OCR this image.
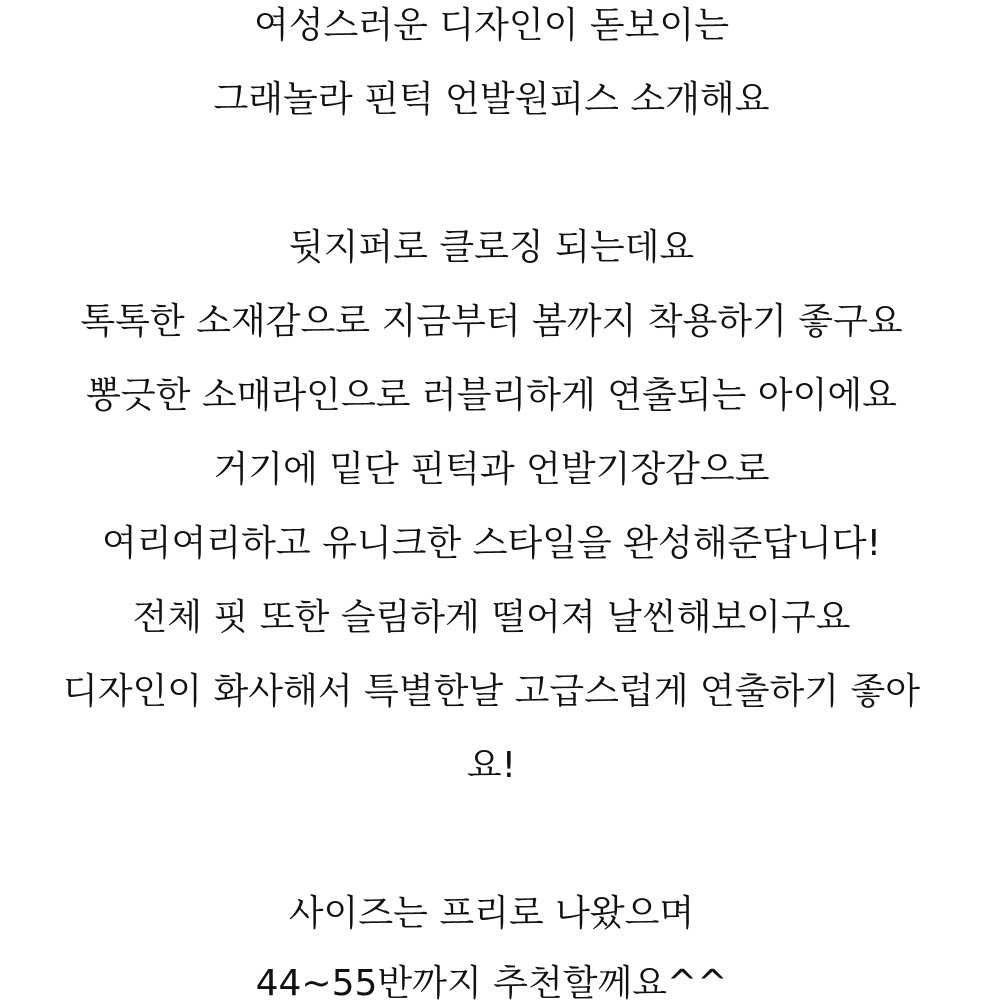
여성스러운 디자인이 돋보이는
그래놀라 핀턱 언발원피스 소개해요
뒷지퍼로 클로징 되는데요
톡톡한 소재감으로 지금부터 봄까지 착용하기 좋구요
뽕긋한 소매라인으로 러블리하게 연출되는 아이에요
거기에 밑단 핀턱과 언발기장감으로
여리여리하고 유니크한 스타일을 완성해준답니다!
전체 핏 또한 슬림하게 떨어져 날씬해보이구요
디자인이 화사해서 특별한날 고급스럽게 연출하기 좋아
요!
사이즈는 프리로 나왔으며
44~55반까지 추천할께요^^
